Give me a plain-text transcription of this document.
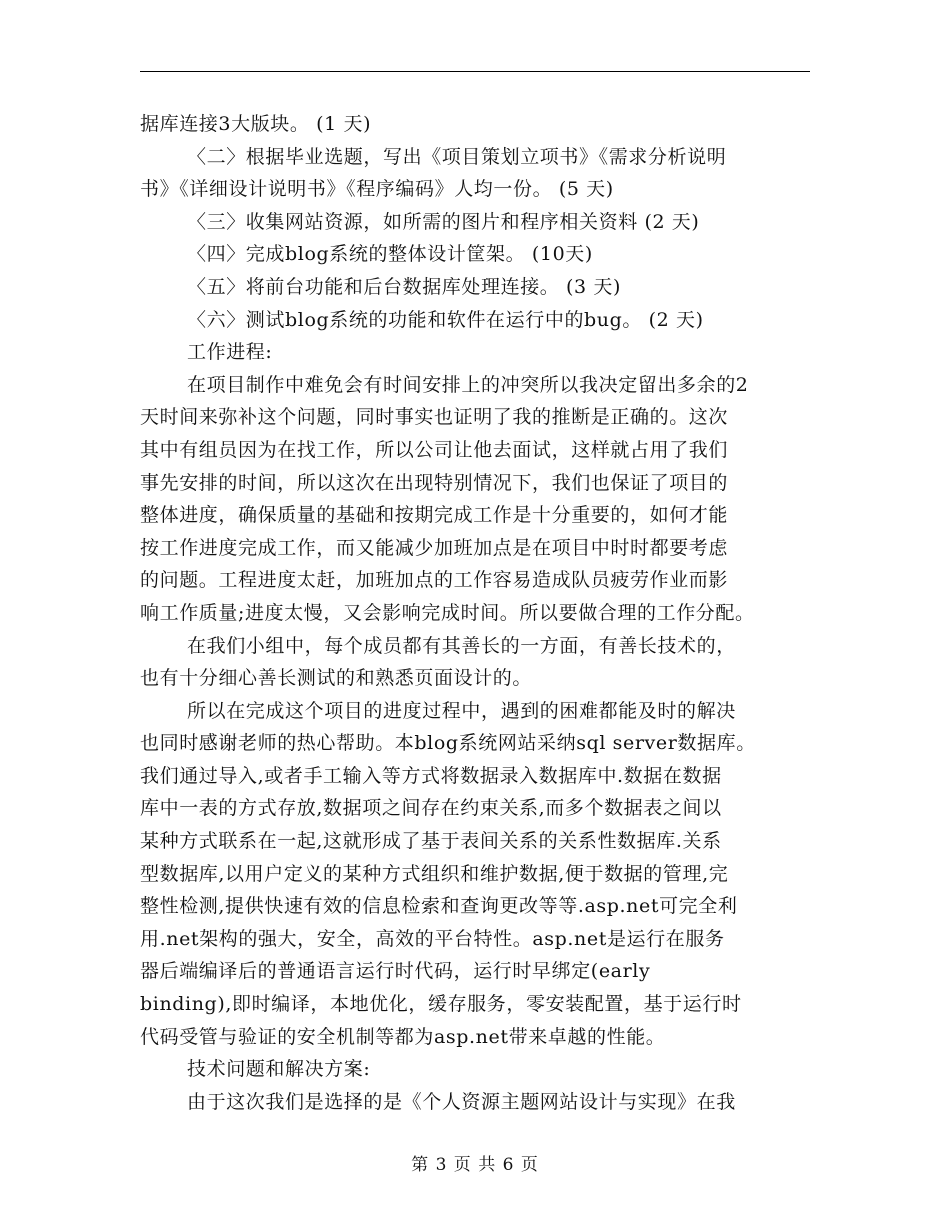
据库连接3大版块。 (1 天)
〈二〉根据毕业选题，写出《项目策划立项书》《需求分析说明
书》《详细设计说明书》《程序编码》人均一份。 (5 天)
〈三〉收集网站资源，如所需的图片和程序相关资料 (2 天)
〈四〉完成blog系统的整体设计筐架。 (10天)
〈五〉将前台功能和后台数据库处理连接。 (3 天)
〈六〉测试blog系统的功能和软件在运行中的bug。 (2 天)
工作进程:
在项目制作中难免会有时间安排上的冲突所以我决定留出多余的2
天时间来弥补这个问题，同时事实也证明了我的推断是正确的。这次
其中有组员因为在找工作，所以公司让他去面试，这样就占用了我们
事先安排的时间，所以这次在出现特别情况下，我们也保证了项目的
整体进度，确保质量的基础和按期完成工作是十分重要的，如何才能
按工作进度完成工作，而又能减少加班加点是在项目中时时都要考虑
的问题。工程进度太赶，加班加点的工作容易造成队员疲劳作业而影
响工作质量;进度太慢，又会影响完成时间。所以要做合理的工作分配。
在我们小组中，每个成员都有其善长的一方面，有善长技术的，
也有十分细心善长测试的和熟悉页面设计的。
所以在完成这个项目的进度过程中，遇到的困难都能及时的解决
也同时感谢老师的热心帮助。本blog系统网站采纳sql server数据库。
我们通过导入,或者手工输入等方式将数据录入数据库中.数据在数据
库中一表的方式存放,数据项之间存在约束关系,而多个数据表之间以
某种方式联系在一起,这就形成了基于表间关系的关系性数据库.关系
型数据库,以用户定义的某种方式组织和维护数据,便于数据的管理,完
整性检测,提供快速有效的信息检索和查询更改等等.asp.net可完全利
用.net架构的强大，安全，高效的平台特性。asp.net是运行在服务
器后端编译后的普通语言运行时代码，运行时早绑定(early
binding),即时编译，本地优化，缓存服务，零安装配置，基于运行时
代码受管与验证的安全机制等都为asp.net带来卓越的性能。
技术问题和解决方案:
由于这次我们是选择的是《个人资源主题网站设计与实现》在我
第 3 页 共 6 页
